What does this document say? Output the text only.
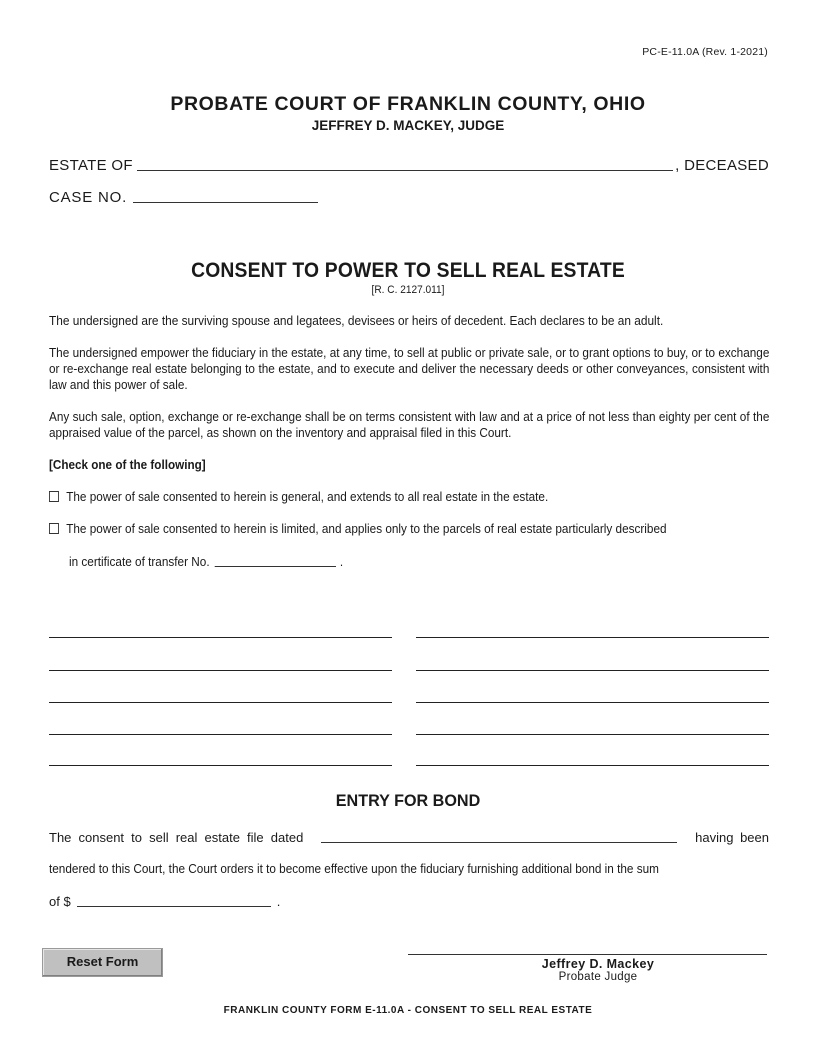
PC-E-11.0A (Rev. 1-2021)
PROBATE COURT OF FRANKLIN COUNTY, OHIO
JEFFREY D. MACKEY, JUDGE
ESTATE OF	, DECEASED
CASE NO.
CONSENT TO POWER TO SELL REAL ESTATE
[R. C. 2127.011]
The undersigned are the surviving spouse and legatees, devisees or heirs of decedent. Each declares to be an adult.
The undersigned empower the fiduciary in the estate, at any time, to sell at public or private sale, or to grant options to buy, or to exchange or re-exchange real estate belonging to the estate, and to execute and deliver the necessary deeds or other conveyances, consistent with law and this power of sale.
Any such sale, option, exchange or re-exchange shall be on terms consistent with law and at a price of not less than eighty per cent of the appraised value of the parcel, as shown on the inventory and appraisal filed in this Court.
[Check one of the following]
The power of sale consented to herein is general, and extends to all real estate in the estate.
The power of sale consented to herein is limited, and applies only to the parcels of real estate particularly described
in certificate of transfer No.	.
ENTRY FOR BOND
The consent to sell real estate file dated	having been
tendered to this Court, the Court orders it to become effective upon the fiduciary furnishing additional bond in the sum
of $	.
Reset Form	Jeffrey D. Mackey
Probate Judge
FRANKLIN COUNTY FORM E-11.0A - CONSENT TO SELL REAL ESTATE
